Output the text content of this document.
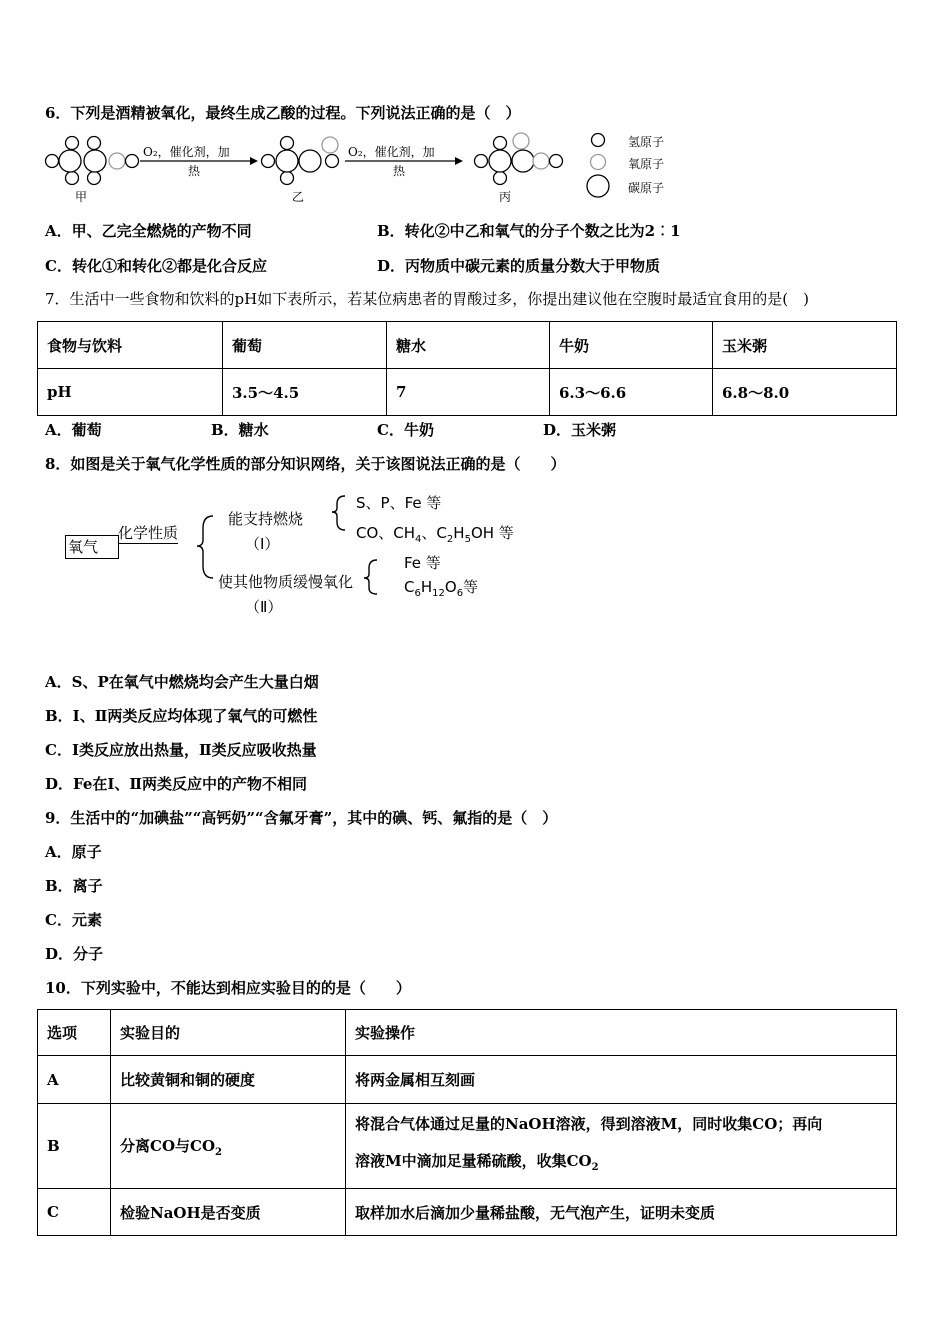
6．下列是酒精被氧化，最终生成乙酸的过程。下列说法正确的是（　）
O₂，催化剂，加
热
O₂，催化剂，加
热
甲	乙	丙
氢原子
氧原子
碳原子
A．甲、乙完全燃烧的产物不同	B．转化②中乙和氧气的分子个数之比为2︰1
C．转化①和转化②都是化合反应	D．丙物质中碳元素的质量分数大于甲物质
7．生活中一些食物和饮料的pH如下表所示，若某位病患者的胃酸过多，你提出建议他在空腹时最适宜食用的是(　)
食物与饮料	葡萄	糖水	牛奶	玉米粥
pH	3.5～4.5	7	6.3～6.6	6.8～8.0
A．葡萄	B．糖水	C．牛奶	D．玉米粥
8．如图是关于氧气化学性质的部分知识网络，关于该图说法正确的是（　　）
氧气
化学性质
能支持燃烧
（Ⅰ）
S、P、Fe 等
CO、$CH_4$、$C_2H_5OH$ 等
使其他物质缓慢氧化
（Ⅱ）
Fe 等
$C_6H_{12}O_6$等
A．S、P在氧气中燃烧均会产生大量白烟
B．Ⅰ、Ⅱ两类反应均体现了氧气的可燃性
C．Ⅰ类反应放出热量，Ⅱ类反应吸收热量
D．Fe在Ⅰ、Ⅱ两类反应中的产物不相同
9．生活中的“加碘盐”“高钙奶”“含氟牙膏”，其中的碘、钙、氟指的是（　）
A．原子
B．离子
C．元素
D．分子
10．下列实验中，不能达到相应实验目的的是（　　）
选项	实验目的	实验操作
A	比较黄铜和铜的硬度	将两金属相互刻画
B	分离CO与$CO_2$	将混合气体通过足量的NaOH溶液，得到溶液M，同时收集CO；再向
溶液M中滴加足量稀硫酸，收集$CO_2$

C	检验NaOH是否变质	取样加水后滴加少量稀盐酸，无气泡产生，证明未变质
